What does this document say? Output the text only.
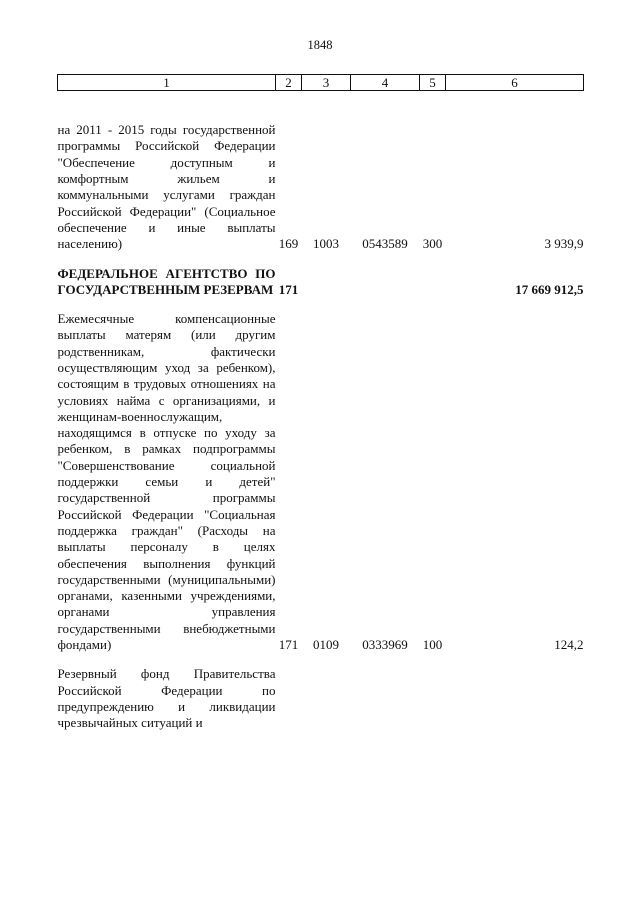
1848
1	2	3	4	5	6
на 2011 - 2015 годы государственной программы Российской Федерации "Обеспечение доступным и комфортным жильем и коммунальными услугами граждан Российской Федерации" (Социальное обеспечение и иные выплаты населению)	169	1003	0543589	300	3 939,9
ФЕДЕРАЛЬНОЕ АГЕНТСТВО ПО ГОСУДАРСТВЕННЫМ РЕЗЕРВАМ	171				17 669 912,5
Ежемесячные компенсационные выплаты матерям (или другим родственникам, фактически осуществляющим уход за ребенком), состоящим в трудовых отношениях на условиях найма с организациями, и женщинам-военнослужащим, находящимся в отпуске по уходу за ребенком, в рамках подпрограммы "Совершенствование социальной поддержки семьи и детей" государственной программы Российской Федерации "Социальная поддержка граждан" (Расходы на выплаты персоналу в целях обеспечения выполнения функций государственными (муниципальными) органами, казенными учреждениями, органами управления государственными внебюджетными фондами)	171	0109	0333969	100	124,2
Резервный фонд Правительства Российской Федерации по предупреждению и ликвидации чрезвычайных ситуаций и					
